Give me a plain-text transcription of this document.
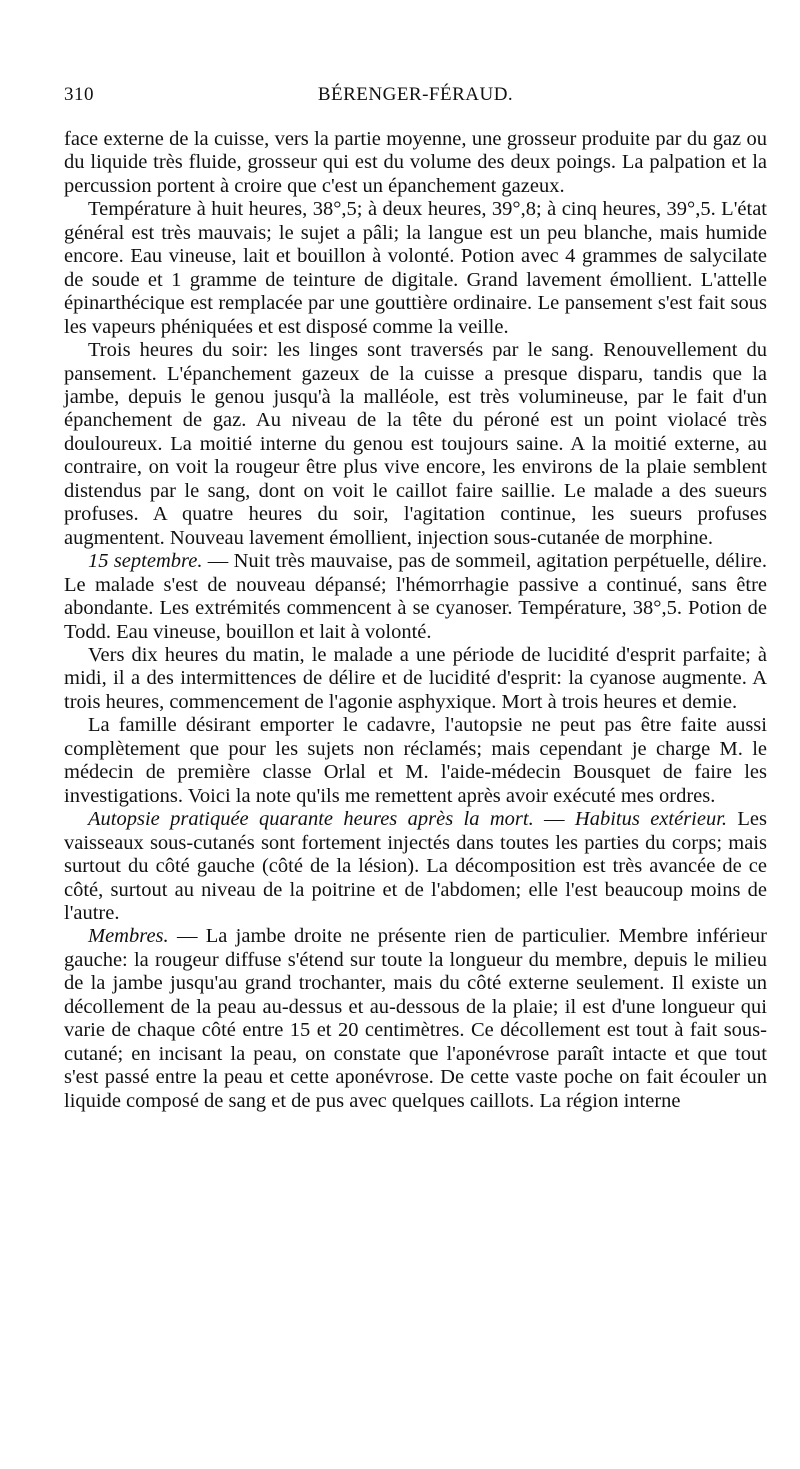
310	BÉRENGER-FÉRAUD.

face externe de la cuisse, vers la partie moyenne, une grosseur produite par du gaz ou du liquide très fluide, grosseur qui est du volume des deux poings. La palpation et la percussion portent à croire que c'est un épanchement gazeux.

Température à huit heures, 38°,5; à deux heures, 39°,8; à cinq heures, 39°,5. L'état général est très mauvais; le sujet a pâli; la langue est un peu blanche, mais humide encore. Eau vineuse, lait et bouillon à volonté. Potion avec 4 grammes de salycilate de soude et 1 gramme de teinture de digitale. Grand lavement émollient. L'attelle épinarthécique est remplacée par une gouttière ordinaire. Le pansement s'est fait sous les vapeurs phéniquées et est disposé comme la veille.

Trois heures du soir: les linges sont traversés par le sang. Renouvellement du pansement. L'épanchement gazeux de la cuisse a presque disparu, tandis que la jambe, depuis le genou jusqu'à la malléole, est très volumineuse, par le fait d'un épanchement de gaz. Au niveau de la tête du péroné est un point violacé très douloureux. La moitié interne du genou est toujours saine. A la moitié externe, au contraire, on voit la rougeur être plus vive encore, les environs de la plaie semblent distendus par le sang, dont on voit le caillot faire saillie. Le malade a des sueurs profuses. A quatre heures du soir, l'agitation continue, les sueurs profuses augmentent. Nouveau lavement émollient, injection sous-cutanée de morphine.

15 septembre. — Nuit très mauvaise, pas de sommeil, agitation perpétuelle, délire. Le malade s'est de nouveau dépansé; l'hémorrhagie passive a continué, sans être abondante. Les extrémités commencent à se cyanoser. Température, 38°,5. Potion de Todd. Eau vineuse, bouillon et lait à volonté.

Vers dix heures du matin, le malade a une période de lucidité d'esprit parfaite; à midi, il a des intermittences de délire et de lucidité d'esprit: la cyanose augmente. A trois heures, commencement de l'agonie asphyxique. Mort à trois heures et demie.

La famille désirant emporter le cadavre, l'autopsie ne peut pas être faite aussi complètement que pour les sujets non réclamés; mais cependant je charge M. le médecin de première classe Orlal et M. l'aide-médecin Bousquet de faire les investigations. Voici la note qu'ils me remettent après avoir exécuté mes ordres.

Autopsie pratiquée quarante heures après la mort. — Habitus extérieur. Les vaisseaux sous-cutanés sont fortement injectés dans toutes les parties du corps; mais surtout du côté gauche (côté de la lésion). La décomposition est très avancée de ce côté, surtout au niveau de la poitrine et de l'abdomen; elle l'est beaucoup moins de l'autre.

Membres. — La jambe droite ne présente rien de particulier. Membre inférieur gauche: la rougeur diffuse s'étend sur toute la longueur du membre, depuis le milieu de la jambe jusqu'au grand trochanter, mais du côté externe seulement. Il existe un décollement de la peau au-dessus et au-dessous de la plaie; il est d'une longueur qui varie de chaque côté entre 15 et 20 centimètres. Ce décollement est tout à fait sous-cutané; en incisant la peau, on constate que l'aponévrose paraît intacte et que tout s'est passé entre la peau et cette aponévrose. De cette vaste poche on fait écouler un liquide composé de sang et de pus avec quelques caillots. La région interne
